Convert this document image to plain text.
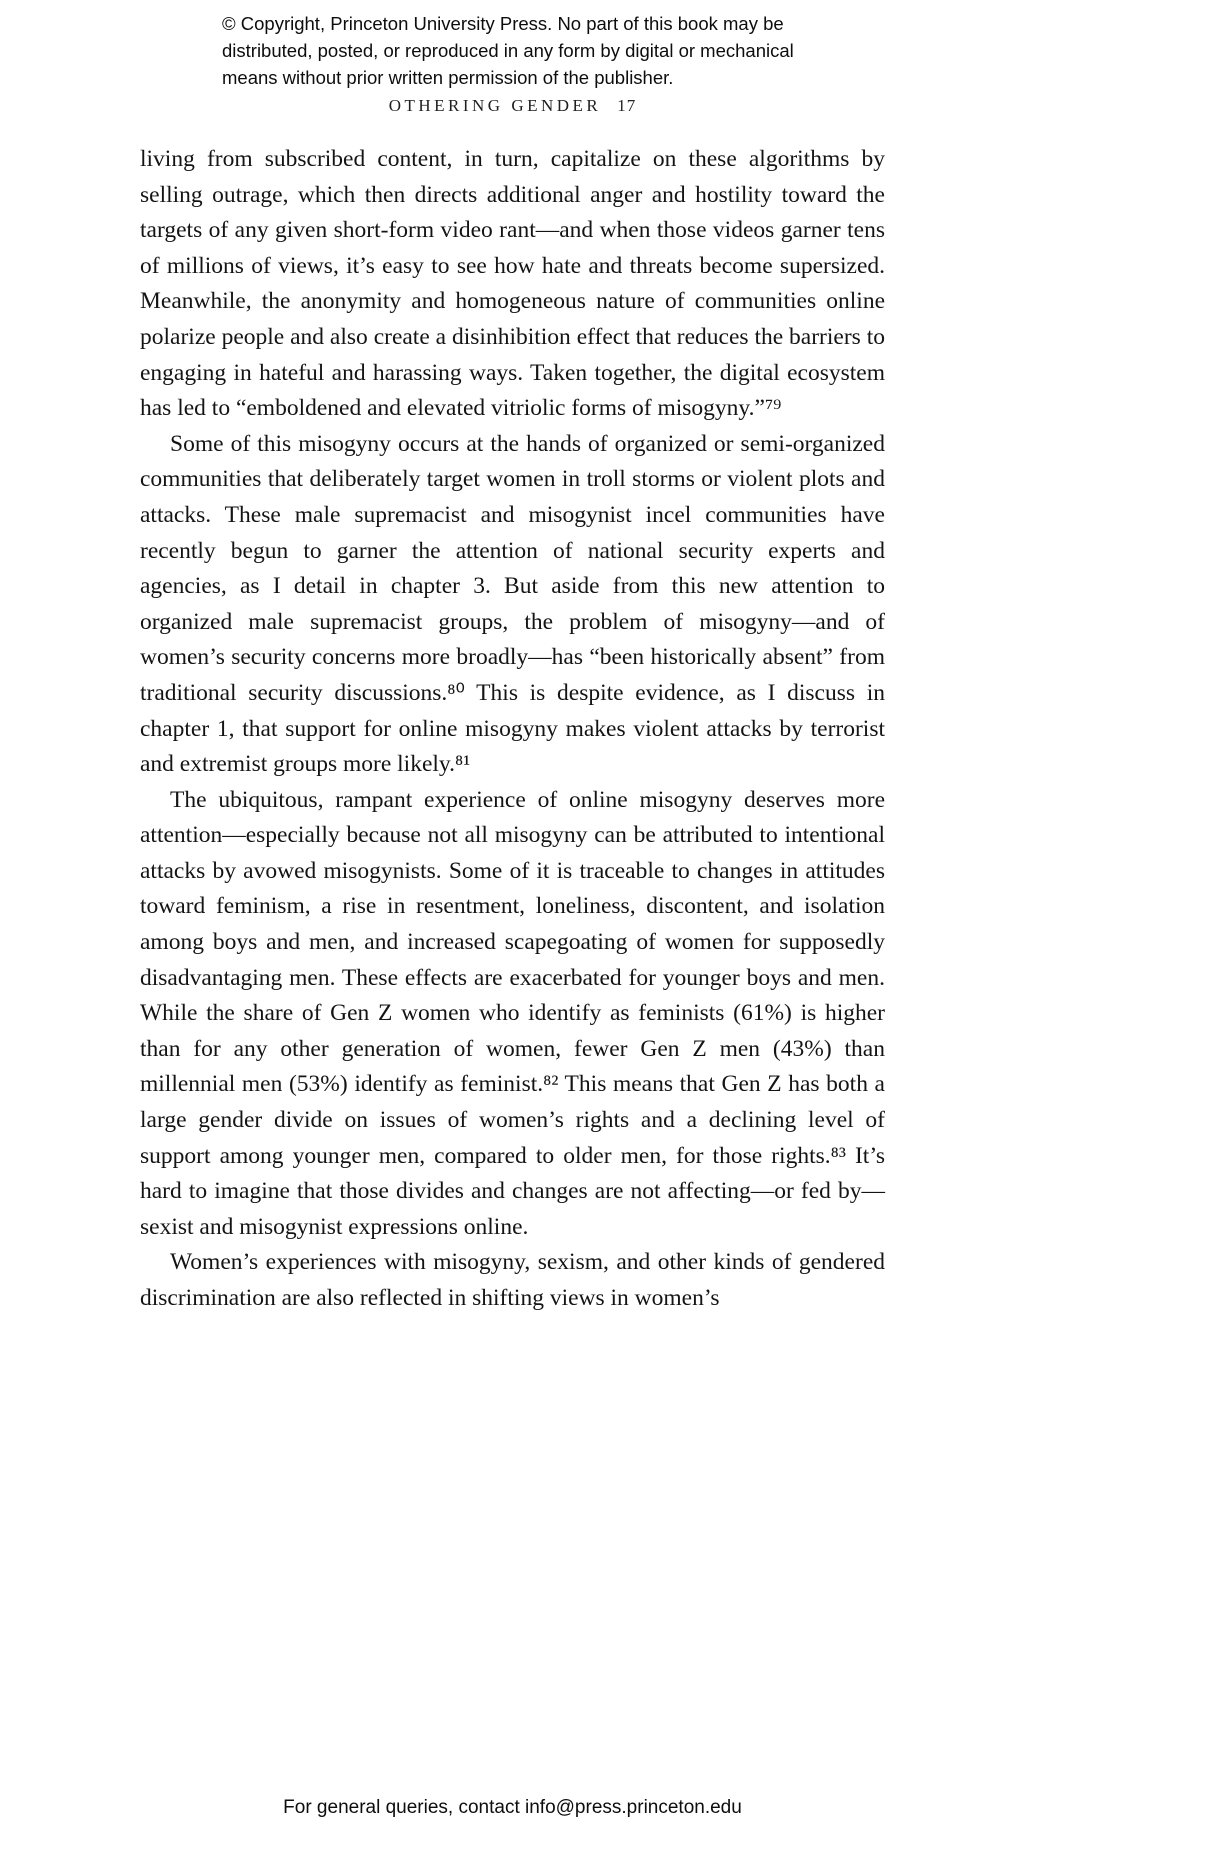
© Copyright, Princeton University Press. No part of this book may be
distributed, posted, or reproduced in any form by digital or mechanical
means without prior written permission of the publisher.
OTHERING GENDER 17
living from subscribed content, in turn, capitalize on these algorithms by selling outrage, which then directs additional anger and hostility toward the targets of any given short-form video rant—and when those videos garner tens of millions of views, it’s easy to see how hate and threats become supersized. Meanwhile, the anonymity and homogeneous nature of communities online polarize people and also create a disinhibition effect that reduces the barriers to engaging in hateful and harassing ways. Taken together, the digital ecosystem has led to “emboldened and elevated vitriolic forms of misogyny.”⁷⁹
Some of this misogyny occurs at the hands of organized or semi-organized communities that deliberately target women in troll storms or violent plots and attacks. These male supremacist and misogynist incel communities have recently begun to garner the attention of national security experts and agencies, as I detail in chapter 3. But aside from this new attention to organized male supremacist groups, the problem of misogyny—and of women’s security concerns more broadly—has “been historically absent” from traditional security discussions.⁸⁰ This is despite evidence, as I discuss in chapter 1, that support for online misogyny makes violent attacks by terrorist and extremist groups more likely.⁸¹
The ubiquitous, rampant experience of online misogyny deserves more attention—especially because not all misogyny can be attributed to intentional attacks by avowed misogynists. Some of it is traceable to changes in attitudes toward feminism, a rise in resentment, loneliness, discontent, and isolation among boys and men, and increased scapegoating of women for supposedly disadvantaging men. These effects are exacerbated for younger boys and men. While the share of Gen Z women who identify as feminists (61%) is higher than for any other generation of women, fewer Gen Z men (43%) than millennial men (53%) identify as feminist.⁸² This means that Gen Z has both a large gender divide on issues of women’s rights and a declining level of support among younger men, compared to older men, for those rights.⁸³ It’s hard to imagine that those divides and changes are not affecting—or fed by—sexist and misogynist expressions online.
Women’s experiences with misogyny, sexism, and other kinds of gendered discrimination are also reflected in shifting views in women’s
For general queries, contact info@press.princeton.edu
